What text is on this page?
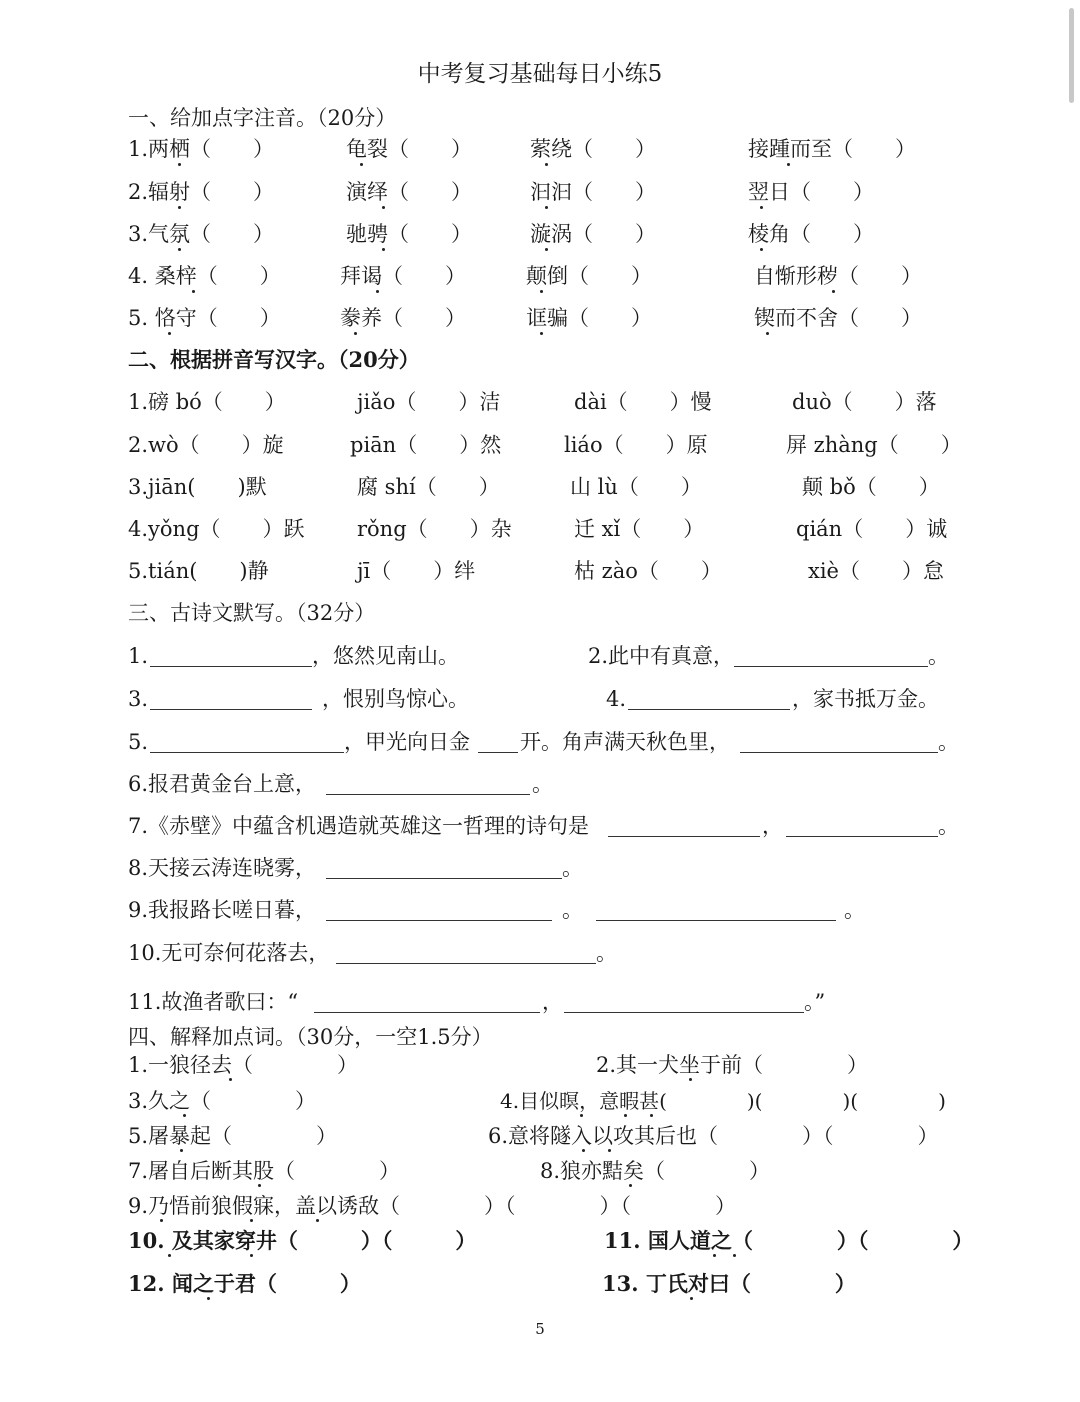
中考复习基础每日小练5
一、给加点字注音。（20分）
1.两栖（　　）	龟裂（　　）	萦绕（　　）	接踵而至（　　）
2.辐射（　　）	演绎（　　）	汩汩（　　）	翌日（　　）
3.气氛（　　）	驰骋（　　）	漩涡（　　）	棱角（　　）
4. 桑梓（　　）	拜谒（　　）	颠倒（　　）	自惭形秽（　　）
5. 恪守（　　）	豢养（　　）	诓骗（　　）	锲而不舍（　　）
二、根据拼音写汉字。（20分）
1.磅 bó（　　）	jiǎo（　　）洁	dài（　　）慢	duò（　　）落
2.wò（　　）旋	piān（　　）然	liáo（　　）原	屏 zhàng（　　）
3.jiān(　　)默	腐 shí（　　）	山 lù（　　）	颠 bǒ（　　）
4.yǒng（　　）跃 rǒng（　　）杂	迁 xǐ（　　）	qián（　　）诚
5.tián(　　)静	jī（　　）绊	枯 zào（　　）	xiè（　　）怠
三、古诗文默写。（32分）
1.	，悠然见南山。	2.此中有真意，	。
3.	，恨别鸟惊心。	4.	，家书抵万金。
5.	，甲光向日金 开。角声满天秋色里，	。
6.报君黄金台上意，	。
7.《赤壁》中蕴含机遇造就英雄这一哲理的诗句是	，	。
8.天接云涛连晓雾，	。
9.我报路长嗟日暮，	。	。
10.无可奈何花落去，	。
11.故渔者歌曰：“	，	。”
四、解释加点词。（30分，一空1.5分）
1.一狼径去（　　　　）	2.其一犬坐于前（　　　　）
3.久之（　　　　）	4.目似暝，意暇甚(　　　　)(　　　　)(　　　　)
5.屠暴起（　　　　）	6.意将隧入以攻其后也（　　　　）（　　　　）
7.屠自后断其股（　　　　）	8.狼亦黠矣（　　　　）
9.乃悟前狼假寐，盖以诱敌（　　　　）（　　　　）（　　　　）
10. 及其家穿井（　　　）（　　　）	11. 国人道之（　　　　）（　　　　）
12. 闻之于君（　　　）	13. 丁氏对曰（　　　　）
5
